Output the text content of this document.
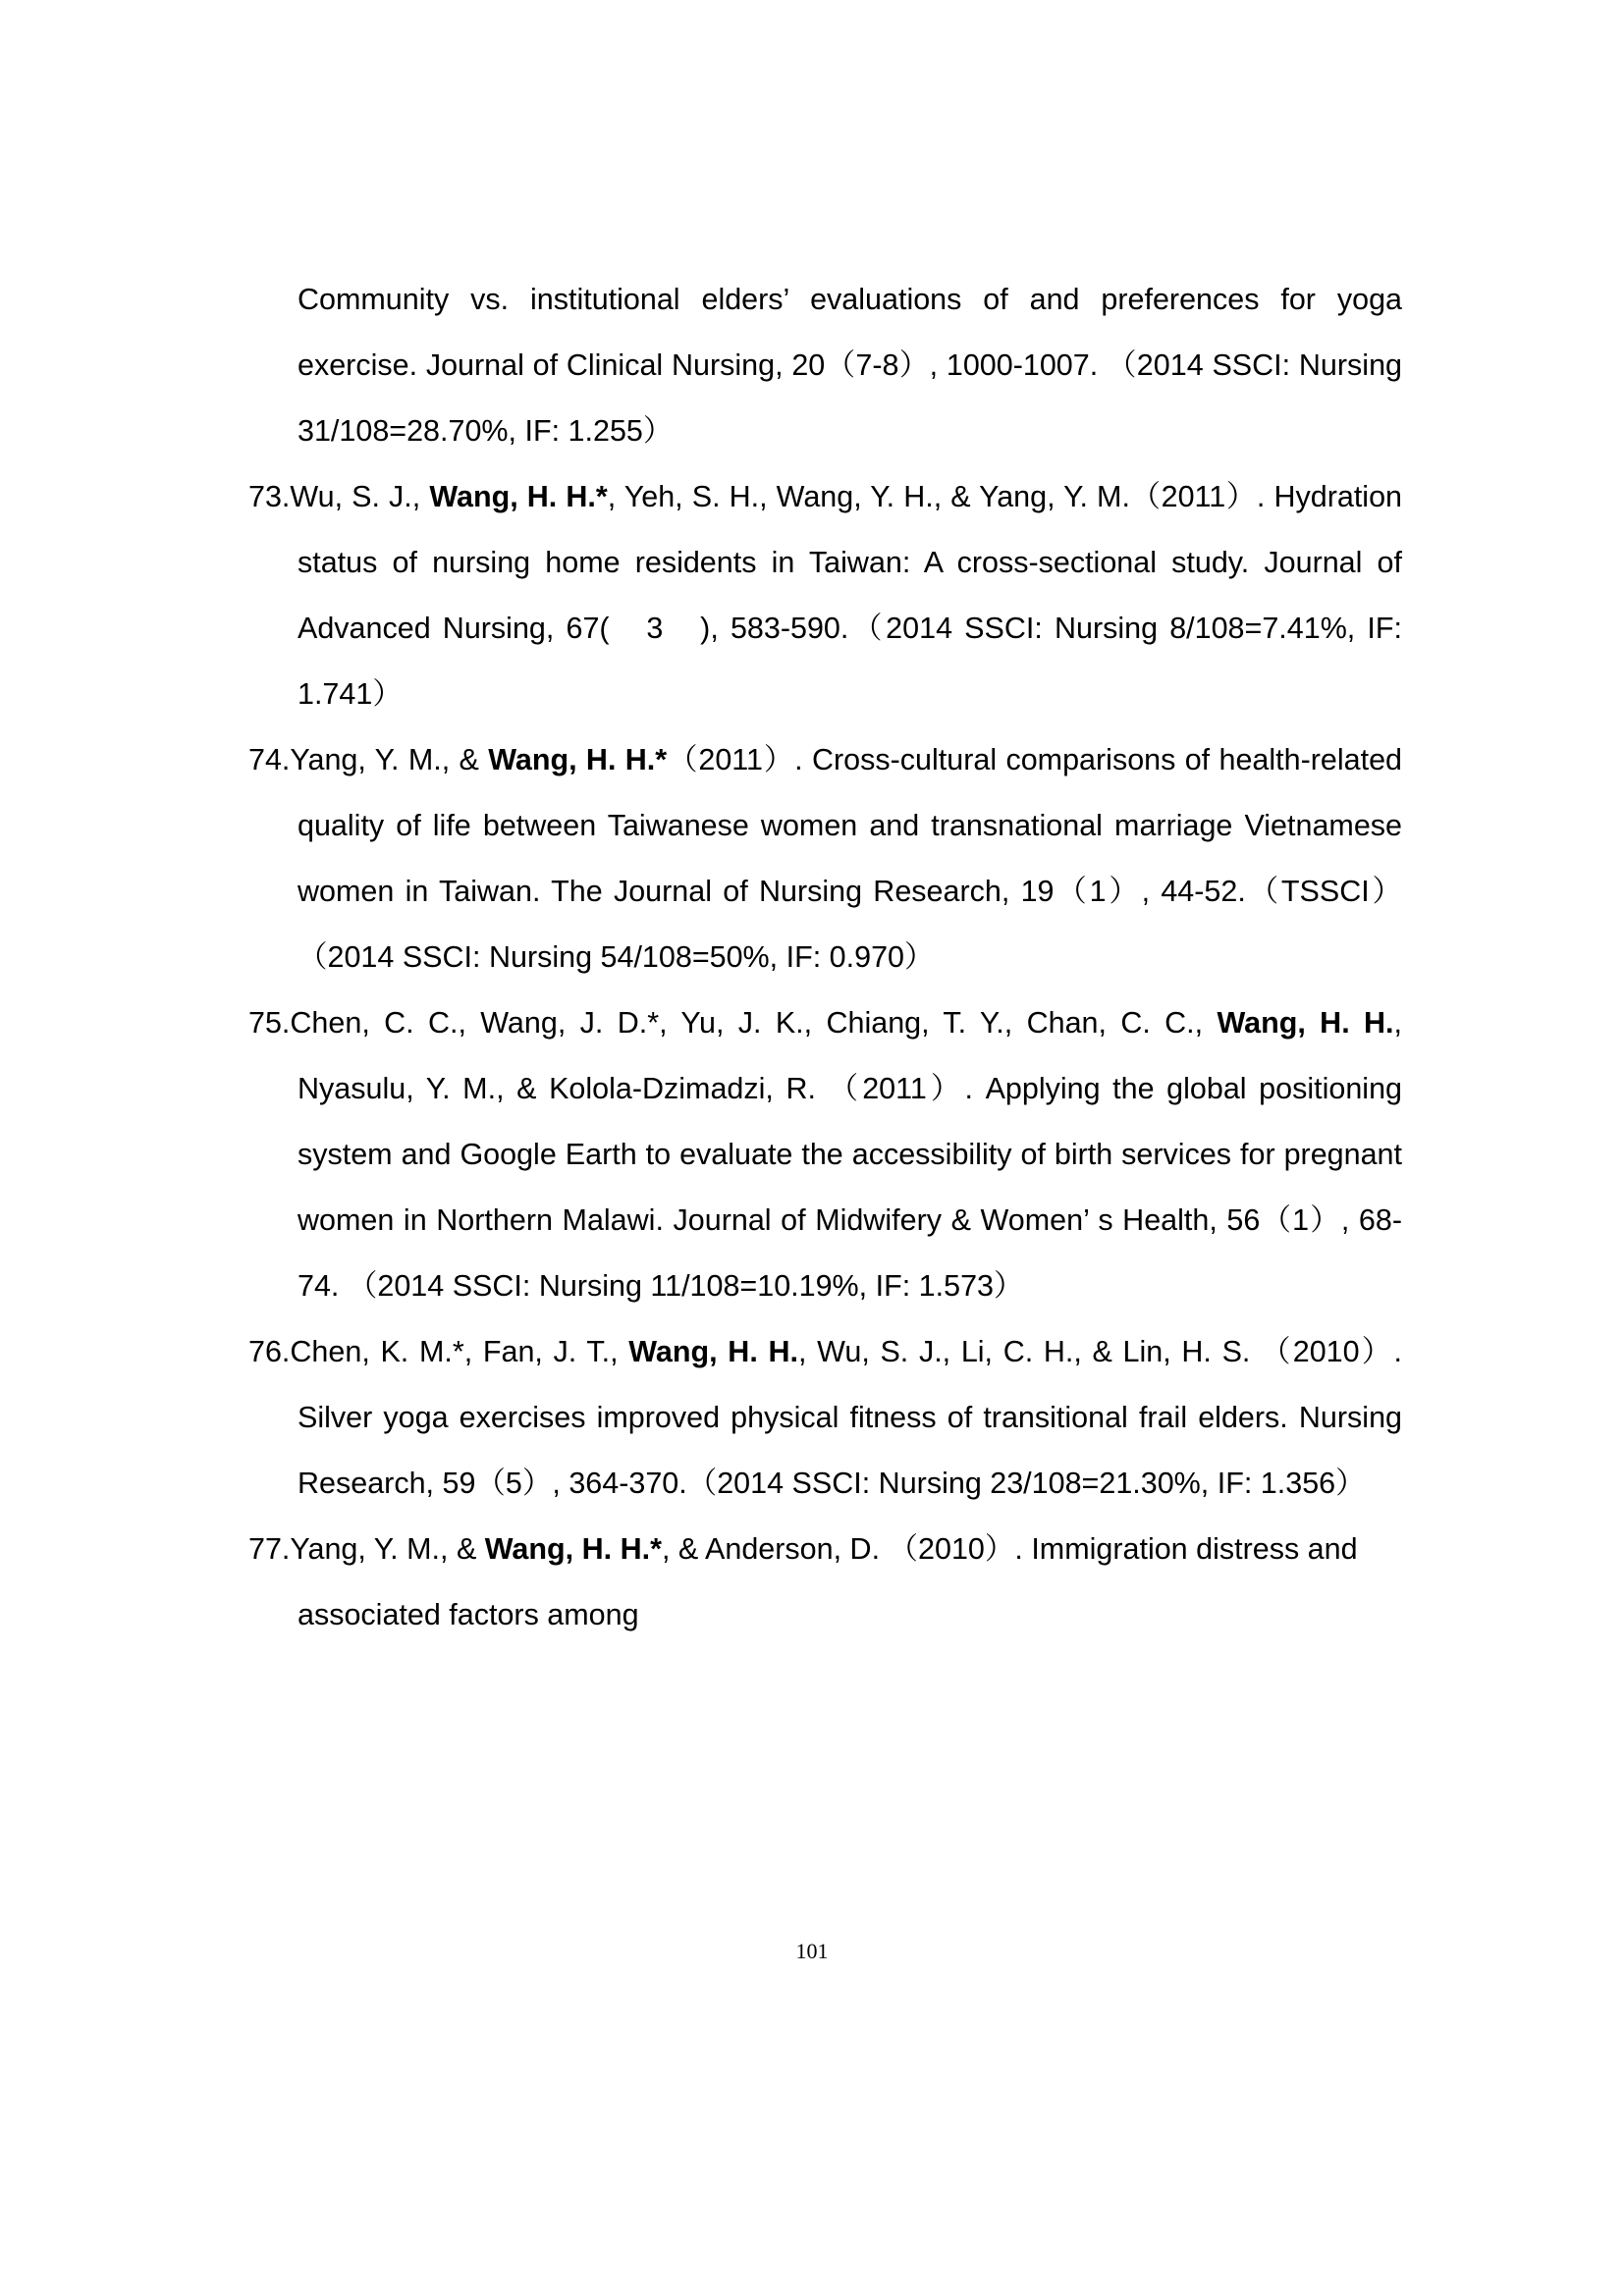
Community vs. institutional elders’ evaluations of and preferences for yoga exercise. Journal of Clinical Nursing, 20（7-8）, 1000-1007. （2014 SSCI: Nursing 31/108=28.70%, IF: 1.255）
73.Wu, S. J., Wang, H. H.*, Yeh, S. H., Wang, Y. H., & Yang, Y. M.（2011）. Hydration status of nursing home residents in Taiwan: A cross-sectional study. Journal of Advanced Nursing, 67(　3　), 583-590.（2014 SSCI: Nursing 8/108=7.41%, IF: 1.741）
74.Yang, Y. M., & Wang, H. H.*（2011）. Cross-cultural comparisons of health-related quality of life between Taiwanese women and transnational marriage Vietnamese women in Taiwan. The Journal of Nursing Research, 19（1）, 44-52.（TSSCI）（2014 SSCI: Nursing 54/108=50%, IF: 0.970）
75.Chen, C. C., Wang, J. D.*, Yu, J. K., Chiang, T. Y., Chan, C. C., Wang, H. H., Nyasulu, Y. M., & Kolola-Dzimadzi, R. （2011）. Applying the global positioning system and Google Earth to evaluate the accessibility of birth services for pregnant women in Northern Malawi. Journal of Midwifery & Women’ s Health, 56（1）, 68-74. （2014 SSCI: Nursing 11/108=10.19%, IF: 1.573）
76.Chen, K. M.*, Fan, J. T., Wang, H. H., Wu, S. J., Li, C. H., & Lin, H. S. （2010）. Silver yoga exercises improved physical fitness of transitional frail elders. Nursing Research, 59（5）, 364-370.（2014 SSCI: Nursing 23/108=21.30%, IF: 1.356）
77.Yang, Y. M., & Wang, H. H.*, & Anderson, D. （2010）. Immigration distress and associated factors among
101
